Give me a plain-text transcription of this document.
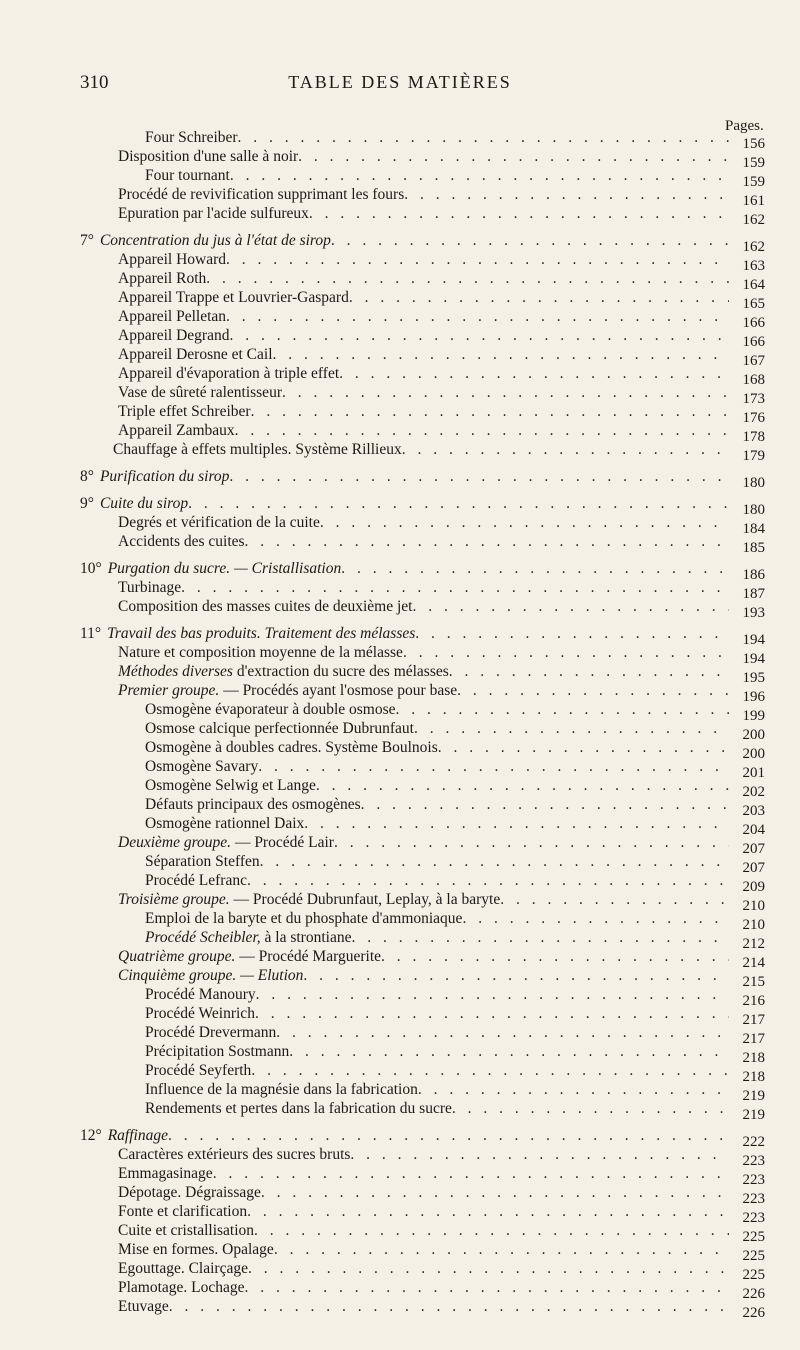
310	TABLE DES MATIÈRES
Pages.
Four Schreiber . . .	156
Disposition d'une salle à noir . . .	159
Four tournant . . .	159
Procédé de revivification supprimant les fours . . .	161
Epuration par l'acide sulfureux . . .	162
7° Concentration du jus à l'état de sirop . . .	162
Appareil Howard . . .	163
Appareil Roth . . .	164
Appareil Trappe et Louvrier-Gaspard . . .	165
Appareil Pelletan . . .	166
Appareil Degrand . . .	166
Appareil Derosne et Cail . . .	167
Appareil d'évaporation à triple effet . . .	168
Vase de sûreté ralentisseur . . .	173
Triple effet Schreiber . . .	176
Appareil Zambaux . . .	178
Chauffage à effets multiples. Système Rillieux . . .	179
8° Purification du sirop . . .	180
9° Cuite du sirop . . .	180
Degrés et vérification de la cuite . . .	184
Accidents des cuites . . .	185
10° Purgation du sucre. — Cristallisation . . .	186
Turbinage . . .	187
Composition des masses cuites de deuxième jet . . .	193
11° Travail des bas produits. Traitement des mélasses . . .	194
Nature et composition moyenne de la mélasse . . .	194
Méthodes diverses d'extraction du sucre des mélasses . . .	195
Premier groupe. — Procédés ayant l'osmose pour base . . .	196
Osmogène évaporateur à double osmose . . .	199
Osmose calcique perfectionnée Dubrunfaut . . .	200
Osmogène à doubles cadres. Système Boulnois . . .	200
Osmogène Savary . . .	201
Osmogène Selwig et Lange . . .	202
Défauts principaux des osmogènes . . .	203
Osmogène rationnel Daix . . .	204
Deuxième groupe. — Procédé Lair . . .	207
Séparation Steffen . . .	207
Procédé Lefranc . . .	209
Troisième groupe. — Procédé Dubrunfaut, Leplay, à la baryte . . .	210
Emploi de la baryte et du phosphate d'ammoniaque . . .	210
Procédé Scheibler, à la strontiane . . .	212
Quatrième groupe. — Procédé Marguerite . . .	214
Cinquième groupe. — Elution . . .	215
Procédé Manoury . . .	216
Procédé Weinrich . . .	217
Procédé Drevermann . . .	217
Précipitation Sostmann . . .	218
Procédé Seyferth . . .	218
Influence de la magnésie dans la fabrication . . .	219
Rendements et pertes dans la fabrication du sucre . . .	219
12° Raffinage . . .	222
Caractères extérieurs des sucres bruts . . .	223
Emmagasinage . . .	223
Dépotage. Dégraissage . . .	223
Fonte et clarification . . .	223
Cuite et cristallisation . . .	225
Mise en formes. Opalage . . .	225
Egouttage. Clairçage . . .	225
Plamotage. Lochage . . .	226
Etuvage . . .	226
